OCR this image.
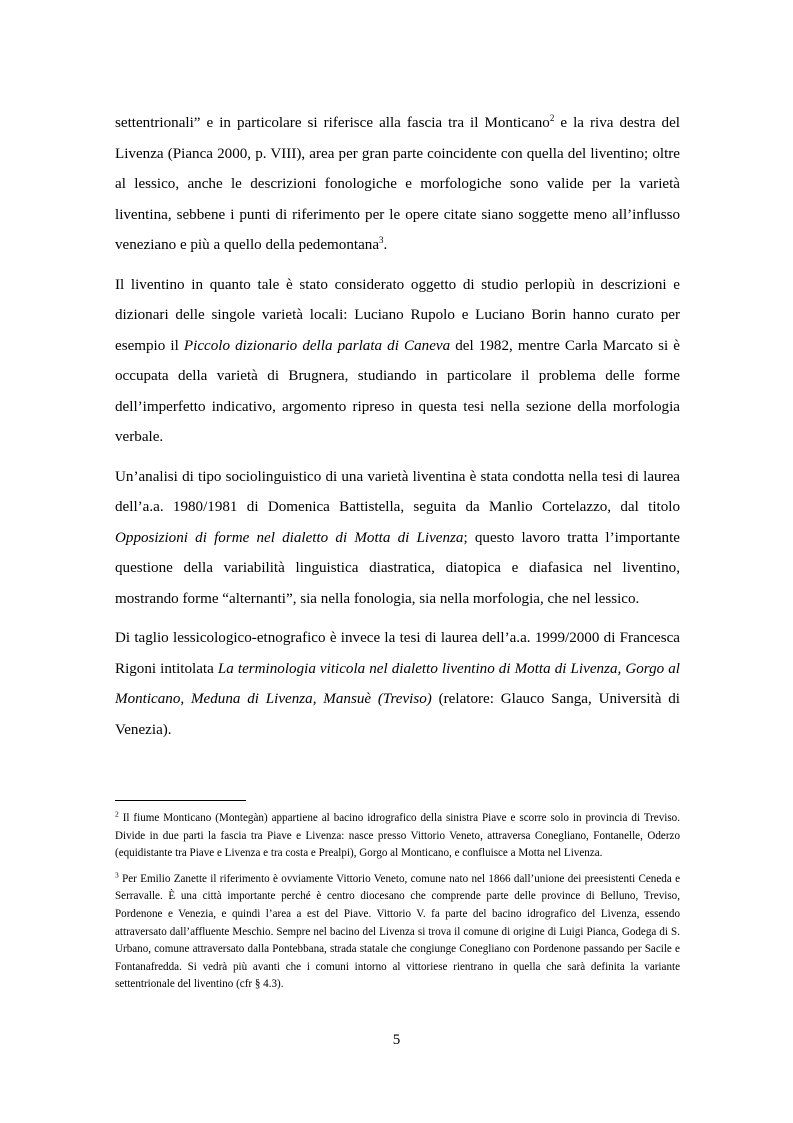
settentrionali” e in particolare si riferisce alla fascia tra il Monticano$^2$ e la riva destra del Livenza (Pianca 2000, p. VIII), area per gran parte coincidente con quella del liventino; oltre al lessico, anche le descrizioni fonologiche e morfologiche sono valide per la varietà liventina, sebbene i punti di riferimento per le opere citate siano soggette meno all’influsso veneziano e più a quello della pedemontana$^3$.

Il liventino in quanto tale è stato considerato oggetto di studio perlopiù in descrizioni e dizionari delle singole varietà locali: Luciano Rupolo e Luciano Borin hanno curato per esempio il Piccolo dizionario della parlata di Caneva del 1982, mentre Carla Marcato si è occupata della varietà di Brugnera, studiando in particolare il problema delle forme dell’imperfetto indicativo, argomento ripreso in questa tesi nella sezione della morfologia verbale.

Un’analisi di tipo sociolinguistico di una varietà liventina è stata condotta nella tesi di laurea dell’a.a. 1980/1981 di Domenica Battistella, seguita da Manlio Cortelazzo, dal titolo Opposizioni di forme nel dialetto di Motta di Livenza; questo lavoro tratta l’importante questione della variabilità linguistica diastratica, diatopica e diafasica nel liventino, mostrando forme “alternanti”, sia nella fonologia, sia nella morfologia, che nel lessico.

Di taglio lessicologico-etnografico è invece la tesi di laurea dell’a.a. 1999/2000 di Francesca Rigoni intitolata La terminologia viticola nel dialetto liventino di Motta di Livenza, Gorgo al Monticano, Meduna di Livenza, Mansuè (Treviso) (relatore: Glauco Sanga, Università di Venezia).

$^2$ Il fiume Monticano (Montegàn) appartiene al bacino idrografico della sinistra Piave e scorre solo in provincia di Treviso. Divide in due parti la fascia tra Piave e Livenza: nasce presso Vittorio Veneto, attraversa Conegliano, Fontanelle, Oderzo (equidistante tra Piave e Livenza e tra costa e Prealpi), Gorgo al Monticano, e confluisce a Motta nel Livenza.

$^3$ Per Emilio Zanette il riferimento è ovviamente Vittorio Veneto, comune nato nel 1866 dall’unione dei preesistenti Ceneda e Serravalle. È una città importante perché è centro diocesano che comprende parte delle province di Belluno, Treviso, Pordenone e Venezia, e quindi l’area a est del Piave. Vittorio V. fa parte del bacino idrografico del Livenza, essendo attraversato dall’affluente Meschio. Sempre nel bacino del Livenza si trova il comune di origine di Luigi Pianca, Godega di S. Urbano, comune attraversato dalla Pontebbana, strada statale che congiunge Conegliano con Pordenone passando per Sacile e Fontanafredda. Si vedrà più avanti che i comuni intorno al vittoriese rientrano in quella che sarà definita la variante settentrionale del liventino (cfr § 4.3).

5
